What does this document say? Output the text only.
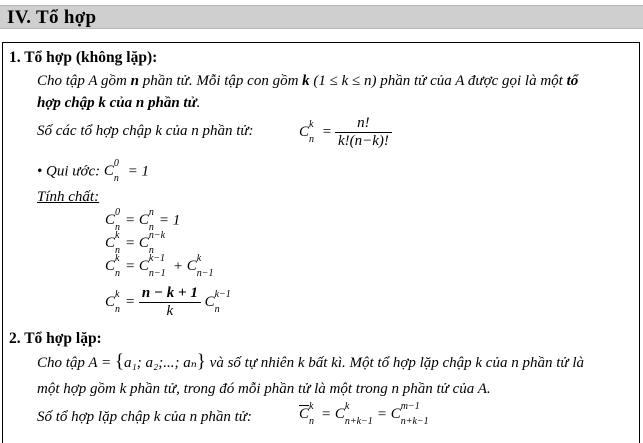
IV. Tổ hợp
1. Tổ hợp (không lặp):
Cho tập A gồm n phần tử. Mỗi tập con gồm k (1 ≤ k ≤ n) phần tử của A được gọi là một tổ
hợp chập k của n phần tử.
Số các tổ hợp chập k của n phần tử:	C k
$n = \frac{n!}{k!(n-k)!}$
• Qui ước: C 0
n = 1
Tính chất:
C 0
n = C n
n = 1
C k
n = C n−k
n
C k
n = C k−1
n−1 + C k
n−1
C k
$n = \frac{n - k + 1}{k}$
C k−1
n
2. Tổ hợp lặp:
Cho tập A = {a₁; a₂;...; aₙ} và số tự nhiên k bất kì. Một tổ hợp lặp chập k của n phần tử là
một hợp gồm k phần tử, trong đó mỗi phần tử là một trong n phần tử của A.
Số tổ hợp lặp chập k của n phần tử:	$\overline{C}$ k
n = C k
n+k−1 = C m−1
n+k−1
